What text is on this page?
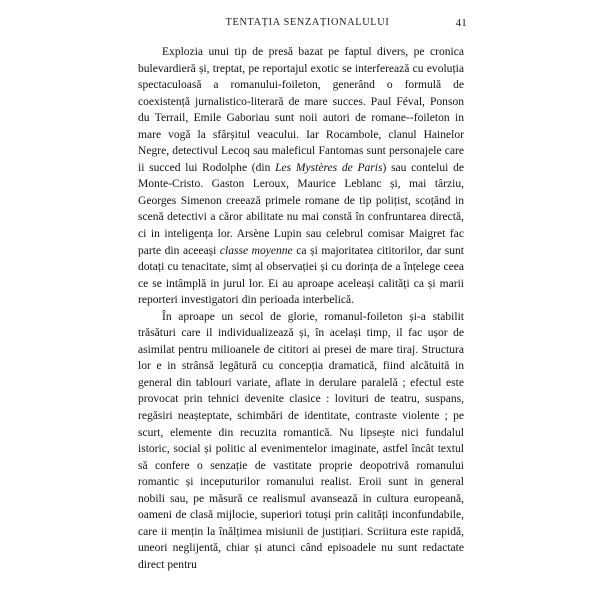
TENTAȚIA SENZAȚIONALULUI	41

Explozia unui tip de presă bazat pe faptul divers, pe cronica bulevardieră și, treptat, pe reportajul exotic se interferează cu evoluția spectaculoasă a romanului-foileton, generând o formulă de coexistență jurnalistico-literară de mare succes. Paul Féval, Ponson du Terrail, Emile Gaboriau sunt noii autori de romane--foileton in mare vogă la sfârșitul veacului. Iar Rocambole, clanul Hainelor Negre, detectivul Lecoq sau maleficul Fantomas sunt personajele care ii succed lui Rodolphe (din Les Mystères de Paris) sau contelui de Monte-Cristo. Gaston Leroux, Maurice Leblanc și, mai târziu, Georges Simenon creează primele romane de tip polițist, scoțând in scenă detectivi a căror abilitate nu mai constă în confruntarea directă, ci in inteligența lor. Arsène Lupin sau celebrul comisar Maigret fac parte din aceeași classe moyenne ca și majoritatea cititorilor, dar sunt dotați cu tenacitate, simț al observației și cu dorința de a înțelege ceea ce se intâmplă in jurul lor. Ei au aproape aceleași calități ca și marii reporteri investigatori din perioada interbelică.

În aproape un secol de glorie, romanul-foileton și-a stabilit trăsături care il individualizează și, în același timp, il fac ușor de asimilat pentru milioanele de cititori ai presei de mare tiraj. Structura lor e in strânsă legătură cu concepția dramatică, fiind alcătuită in general din tablouri variate, aflate in derulare paralelă ; efectul este provocat prin tehnici devenite clasice : lovituri de teatru, suspans, regăsiri neașteptate, schimbări de identitate, contraste violente ; pe scurt, elemente din recuzita romantică. Nu lipsește nici fundalul istoric, social și politic al evenimentelor imaginate, astfel încât textul să confere o senzație de vastitate proprie deopotrivă romanului romantic și inceputurilor romanului realist. Eroii sunt in general nobili sau, pe măsură ce realismul avansează in cultura europeană, oameni de clasă mijlocie, superiori totuși prin calități inconfundabile, care ii mențin la înălțimea misiunii de justițiari. Scriitura este rapidă, uneori neglijentă, chiar și atunci când episoadele nu sunt redactate direct pentru
